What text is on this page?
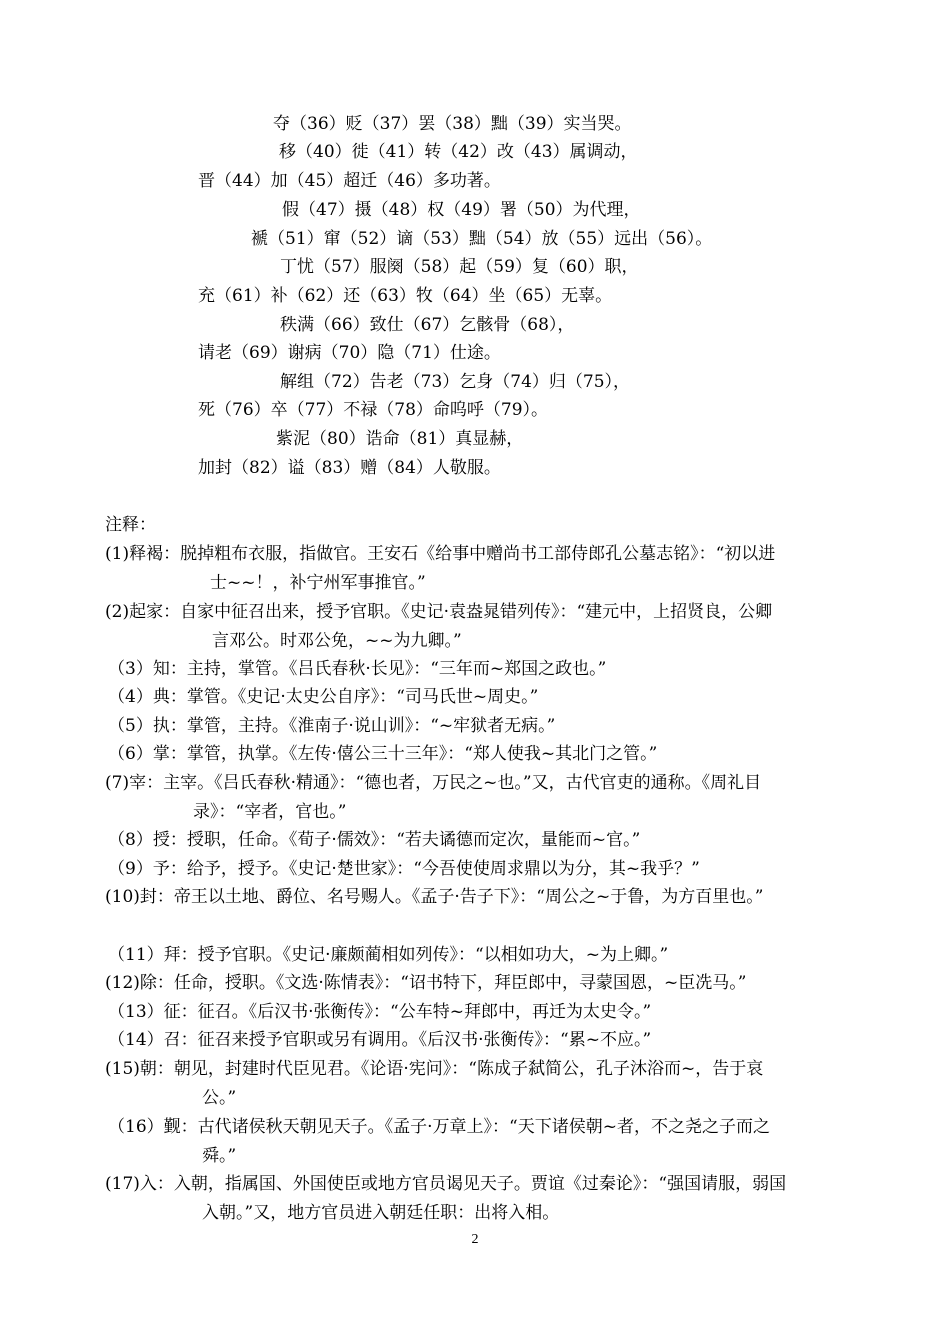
夺（36）贬（37）罢（38）黜（39）实当哭。
移（40）徙（41）转（42）改（43）属调动，
晋（44）加（45）超迁（46）多功著。
假（47）摄（48）权（49）署（50）为代理，
褫（51）窜（52）谪（53）黜（54）放（55）远出（56）。
丁忧（57）服阕（58）起（59）复（60）职，
充（61）补（62）还（63）牧（64）坐（65）无辜。
秩满（66）致仕（67）乞骸骨（68），
请老（69）谢病（70）隐（71）仕途。
解组（72）告老（73）乞身（74）归（75），
死（76）卒（77）不禄（78）命呜呼（79）。
紫泥（80）诰命（81）真显赫，
加封（82）谥（83）赠（84）人敬服。
注释：
(1)释褐：脱掉粗布衣服，指做官。王安石《给事中赠尚书工部侍郎孔公墓志铭》：“初以进
士~~！，补宁州军事推官。”
(2)起家：自家中征召出来，授予官职。《史记·袁盎晁错列传》：“建元中，上招贤良，公卿
言邓公。时邓公免，~~为九卿。”
（3）知：主持，掌管。《吕氏春秋·长见》：“三年而~郑国之政也。”
（4）典：掌管。《史记·太史公自序》：“司马氏世~周史。”
（5）执：掌管，主持。《淮南子·说山训》：“~牢狱者无病。”
（6）掌：掌管，执掌。《左传·僖公三十三年》：“郑人使我~其北门之管。”
(7)宰：主宰。《吕氏春秋·精通》：“德也者，万民之~也。”又，古代官吏的通称。《周礼目
录》：“宰者，官也。”
（8）授：授职，任命。《荀子·儒效》：“若夫谲德而定次，量能而~官。”
（9）予：给予，授予。《史记·楚世家》：“今吾使使周求鼎以为分，其~我乎？”
(10)封：帝王以土地、爵位、名号赐人。《孟子·告子下》：“周公之~于鲁，为方百里也。”
（11）拜：授予官职。《史记·廉颇蔺相如列传》：“以相如功大，~为上卿。”
(12)除：任命，授职。《文选·陈情表》：“诏书特下，拜臣郎中，寻蒙国恩，~臣冼马。”
（13）征：征召。《后汉书·张衡传》：“公车特~拜郎中，再迁为太史令。”
（14）召：征召来授予官职或另有调用。《后汉书·张衡传》：“累~不应。”
(15)朝：朝见，封建时代臣见君。《论语·宪问》：“陈成子弑简公，孔子沐浴而~，告于哀
公。”
（16）觐：古代诸侯秋天朝见天子。《孟子·万章上》：“天下诸侯朝~者，不之尧之子而之
舜。”
(17)入：入朝，指属国、外国使臣或地方官员谒见天子。贾谊《过秦论》：“强国请服，弱国
入朝。”又，地方官员进入朝廷任职：出将入相。
2
